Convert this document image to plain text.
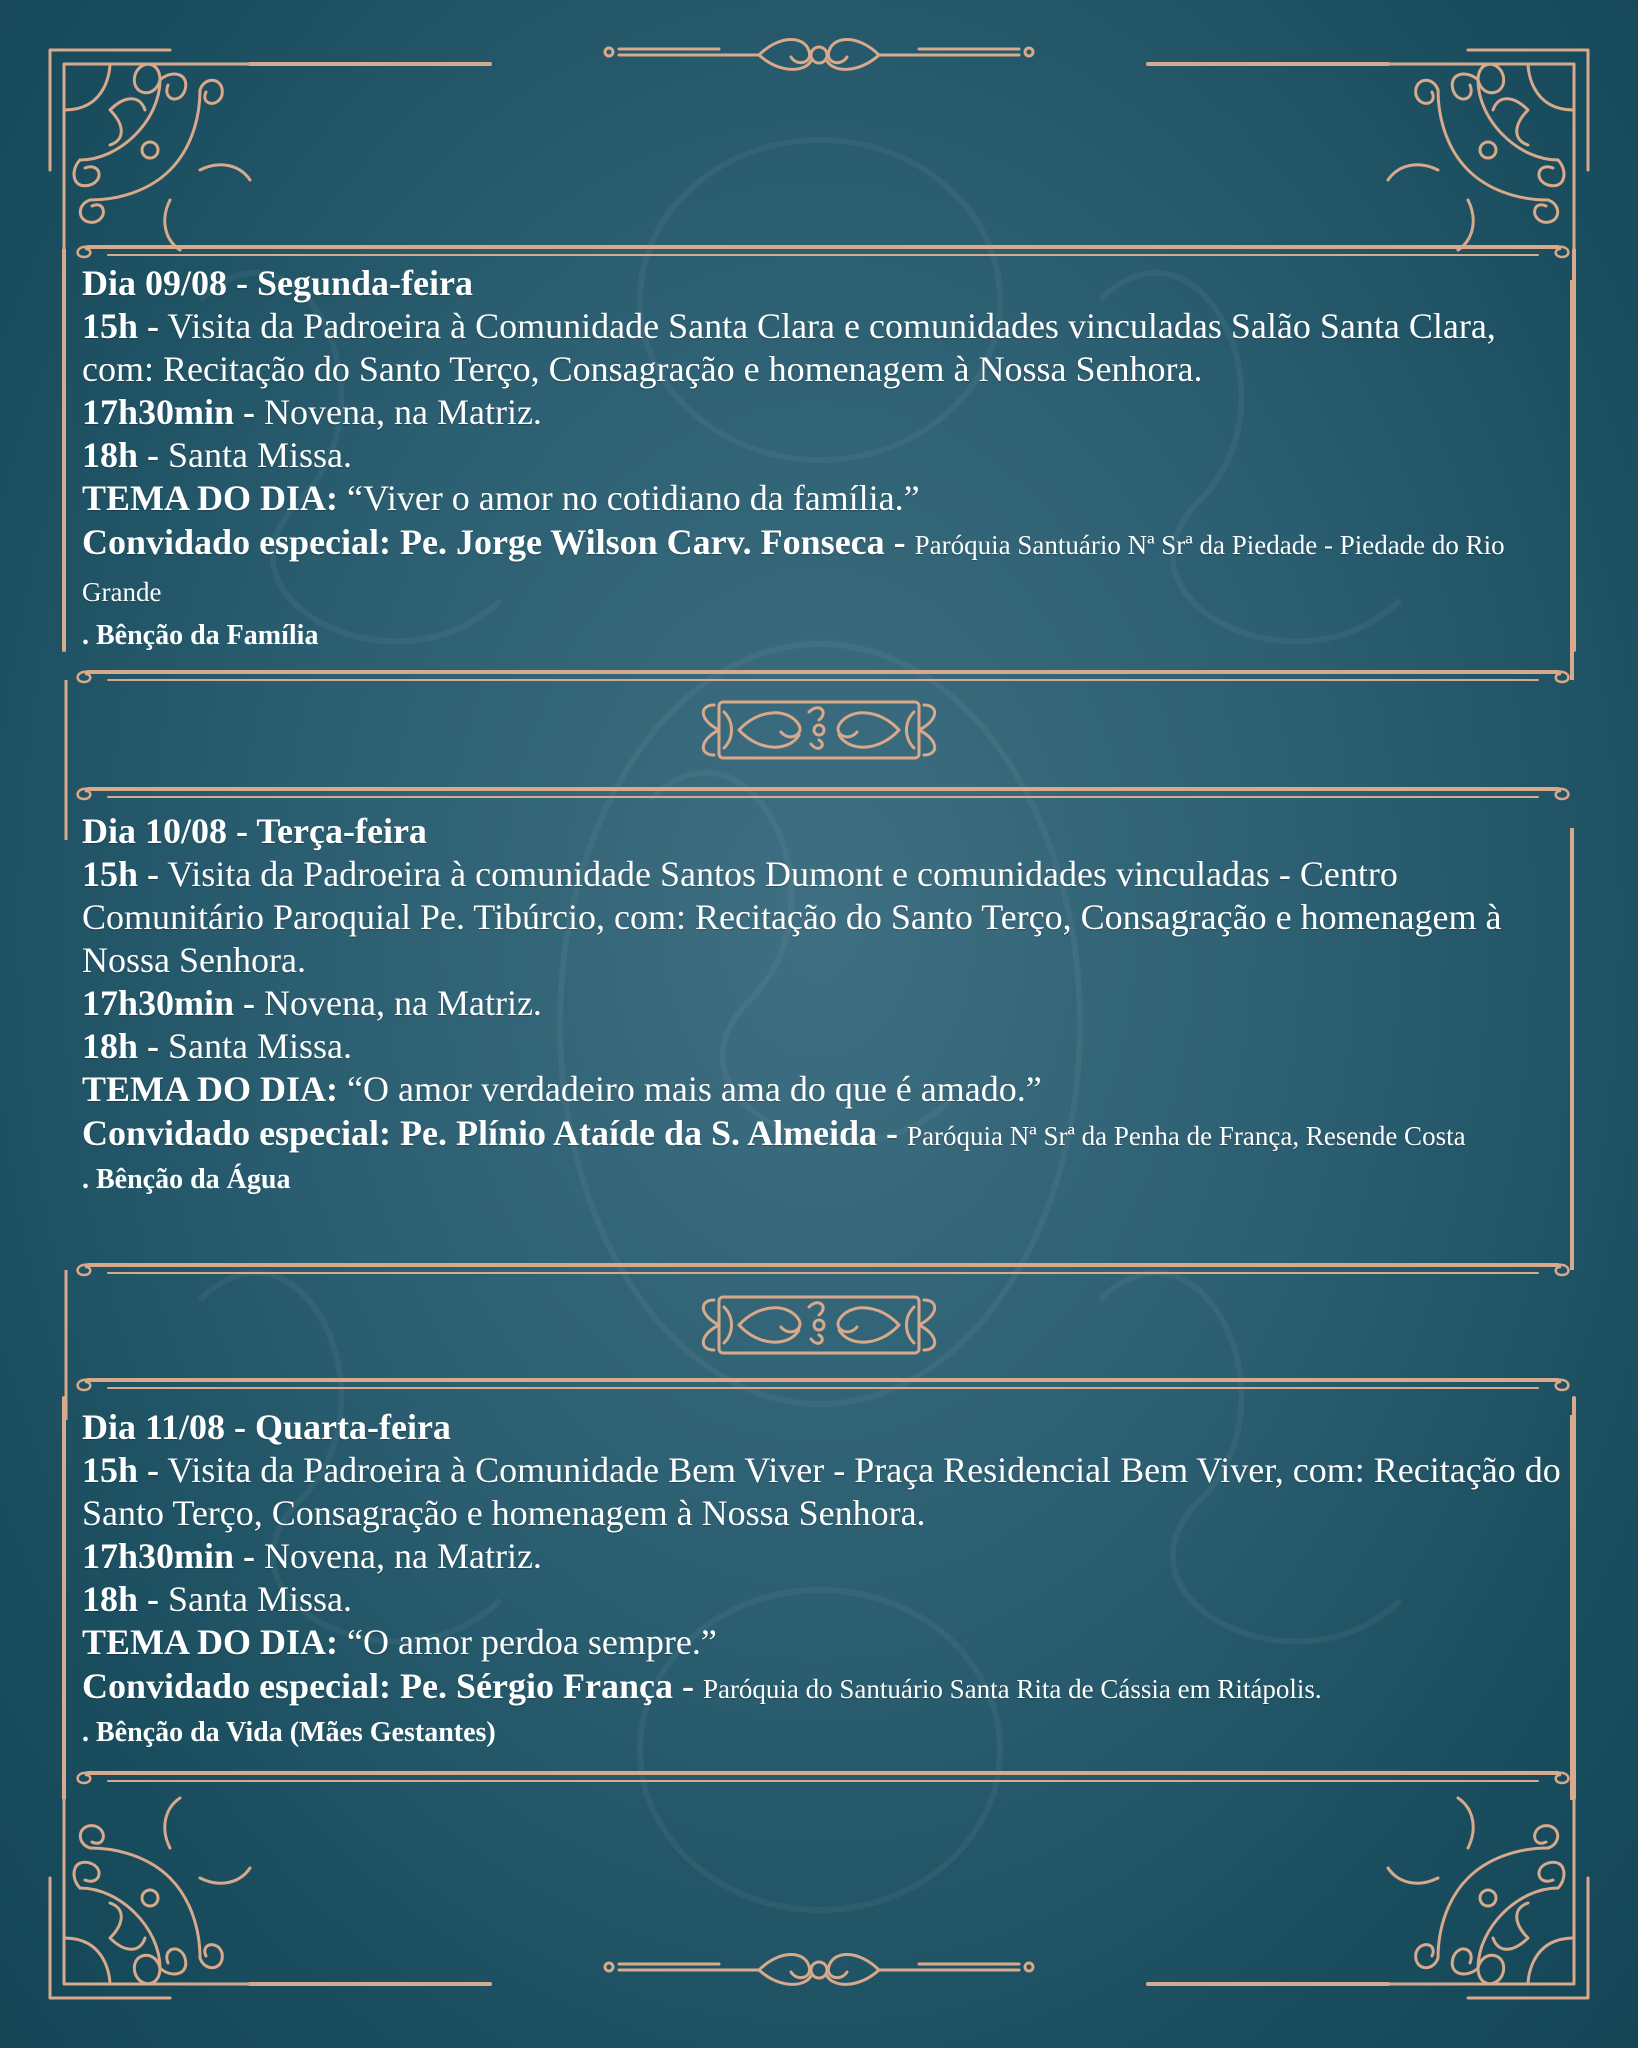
Dia 09/08 - Segunda-feira
15h - Visita da Padroeira à Comunidade Santa Clara e comunidades vinculadas Salão Santa Clara, com: Recitação do Santo Terço, Consagração e homenagem à Nossa Senhora.
17h30min - Novena, na Matriz.
18h - Santa Missa.
TEMA DO DIA: “Viver o amor no cotidiano da família.”
Convidado especial: Pe. Jorge Wilson Carv. Fonseca - Paróquia Santuário Nª Srª da Piedade - Piedade do Rio Grande
. Bênção da Família
Dia 10/08 - Terça-feira
15h - Visita da Padroeira à comunidade Santos Dumont e comunidades vinculadas - Centro Comunitário Paroquial Pe. Tibúrcio, com: Recitação do Santo Terço, Consagração e homenagem à Nossa Senhora.
17h30min - Novena, na Matriz.
18h - Santa Missa.
TEMA DO DIA: “O amor verdadeiro mais ama do que é amado.”
Convidado especial: Pe. Plínio Ataíde da S. Almeida - Paróquia Nª Srª da Penha de França, Resende Costa
. Bênção da Água
Dia 11/08 - Quarta-feira
15h - Visita da Padroeira à Comunidade Bem Viver - Praça Residencial Bem Viver, com: Recitação do Santo Terço, Consagração e homenagem à Nossa Senhora.
17h30min - Novena, na Matriz.
18h - Santa Missa.
TEMA DO DIA: “O amor perdoa sempre.”
Convidado especial: Pe. Sérgio França - Paróquia do Santuário Santa Rita de Cássia em Ritápolis.
. Bênção da Vida (Mães Gestantes)
